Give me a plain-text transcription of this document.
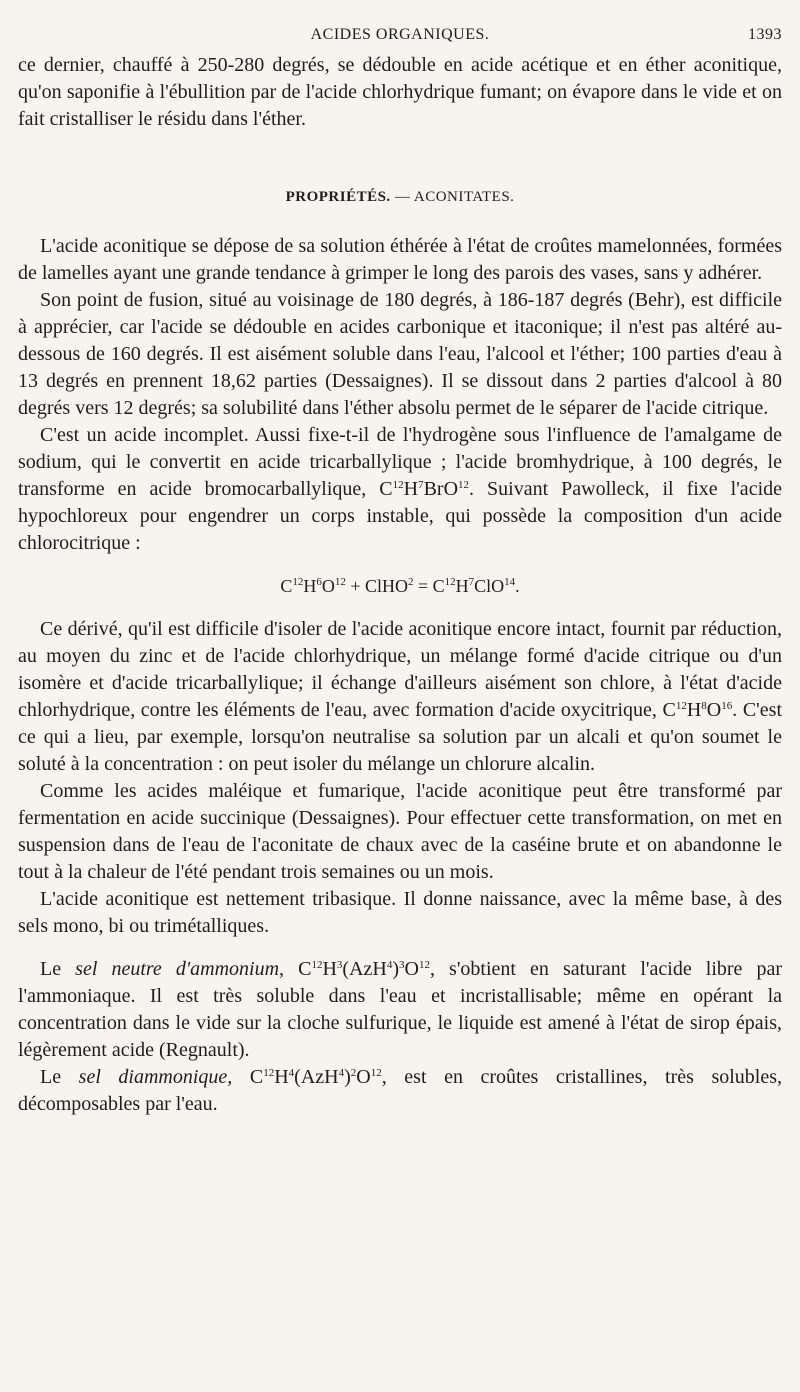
ACIDES ORGANIQUES.	1393

ce dernier, chauffé à 250-280 degrés, se dédouble en acide acétique et en éther aconitique, qu'on saponifie à l'ébullition par de l'acide chlorhydrique fumant; on évapore dans le vide et on fait cristalliser le résidu dans l'éther.

PROPRIÉTÉS. — ACONITATES.

L'acide aconitique se dépose de sa solution éthérée à l'état de croûtes mamelonnées, formées de lamelles ayant une grande tendance à grimper le long des parois des vases, sans y adhérer.

Son point de fusion, situé au voisinage de 180 degrés, à 186-187 degrés (Behr), est difficile à apprécier, car l'acide se dédouble en acides carbonique et itaconique; il n'est pas altéré au-dessous de 160 degrés. Il est aisément soluble dans l'eau, l'alcool et l'éther; 100 parties d'eau à 13 degrés en prennent 18,62 parties (Dessaignes). Il se dissout dans 2 parties d'alcool à 80 degrés vers 12 degrés; sa solubilité dans l'éther absolu permet de le séparer de l'acide citrique.

C'est un acide incomplet. Aussi fixe-t-il de l'hydrogène sous l'influence de l'amalgame de sodium, qui le convertit en acide tricarballylique ; l'acide bromhydrique, à 100 degrés, le transforme en acide bromocarballylique, $C^{12}H^7BrO^{12}$. Suivant Pawolleck, il fixe l'acide hypochloreux pour engendrer un corps instable, qui possède la composition d'un acide chlorocitrique :

$C^{12}H^6O^{12}$ + ClHO$^2$ = $C^{12}H^7ClO^{14}$.

Ce dérivé, qu'il est difficile d'isoler de l'acide aconitique encore intact, fournit par réduction, au moyen du zinc et de l'acide chlorhydrique, un mélange formé d'acide citrique ou d'un isomère et d'acide tricarballylique; il échange d'ailleurs aisément son chlore, à l'état d'acide chlorhydrique, contre les éléments de l'eau, avec formation d'acide oxycitrique, $C^{12}H^8O^{16}$. C'est ce qui a lieu, par exemple, lorsqu'on neutralise sa solution par un alcali et qu'on soumet le soluté à la concentration : on peut isoler du mélange un chlorure alcalin.

Comme les acides maléique et fumarique, l'acide aconitique peut être transformé par fermentation en acide succinique (Dessaignes). Pour effectuer cette transformation, on met en suspension dans de l'eau de l'aconitate de chaux avec de la caséine brute et on abandonne le tout à la chaleur de l'été pendant trois semaines ou un mois.

L'acide aconitique est nettement tribasique. Il donne naissance, avec la même base, à des sels mono, bi ou trimétalliques.

Le sel neutre d'ammonium, $C^{12}H^3(AzH^4)^3O^{12}$, s'obtient en saturant l'acide libre par l'ammoniaque. Il est très soluble dans l'eau et incristallisable; même en opérant la concentration dans le vide sur la cloche sulfurique, le liquide est amené à l'état de sirop épais, légèrement acide (Regnault).

Le sel diammonique, $C^{12}H^4(AzH^4)^2O^{12}$, est en croûtes cristallines, très solubles, décomposables par l'eau.
